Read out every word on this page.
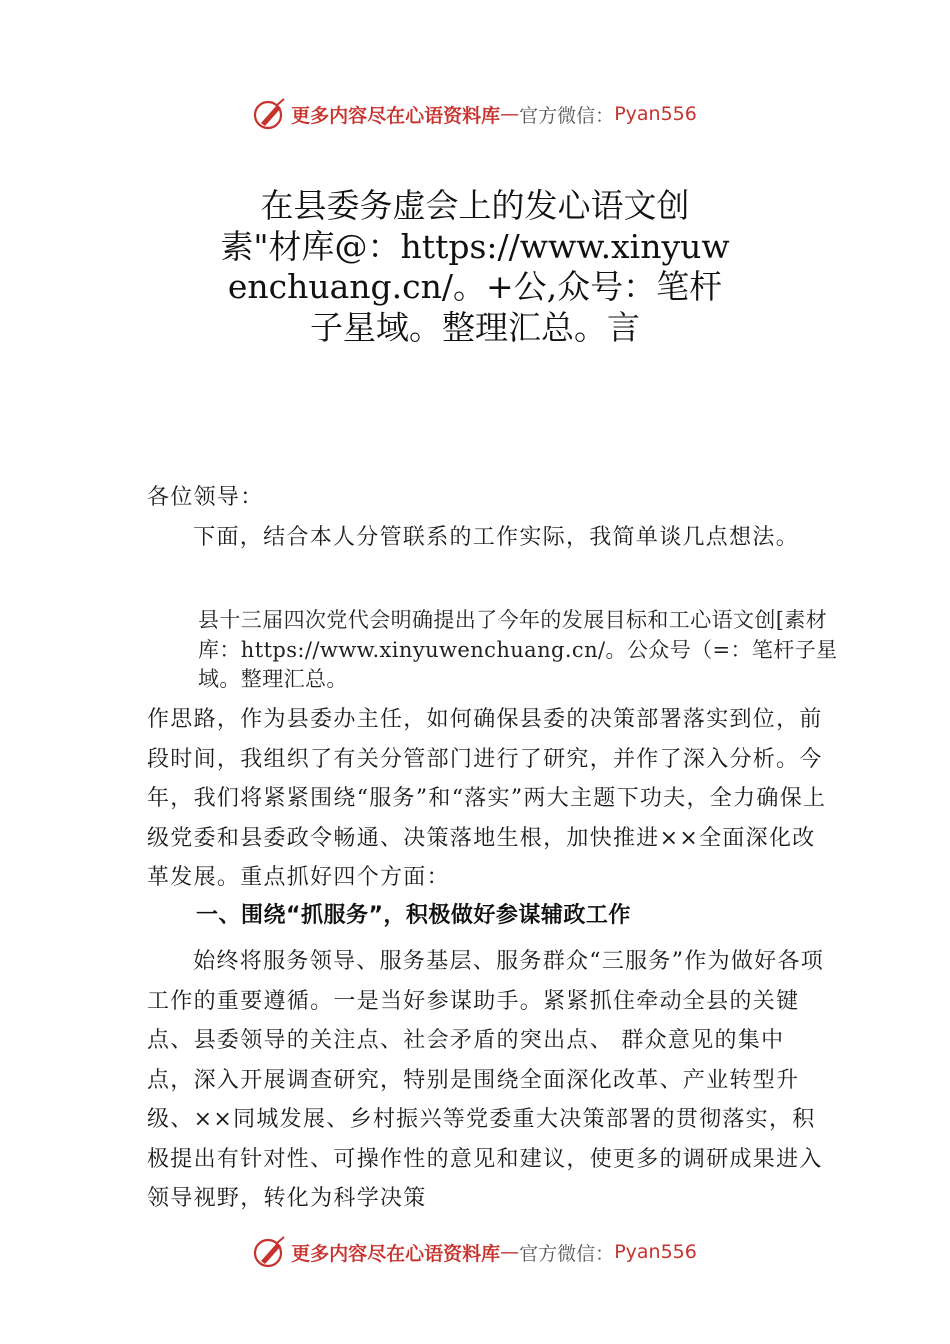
更多内容尽在心语资料库 — 官方微信： Pyan556
在县委务虚会上的发心语文创素"材库@：https://www.xinyuwenchuang.cn/。+公,众号：笔杆子星域。整理汇总。言

各位领导：

下面，结合本人分管联系的工作实际，我简单谈几点想法。

县十三届四次党代会明确提出了今年的发展目标和工心语文创[素材库：https://www.xinyuwenchuang.cn/。公众号（=：笔杆子星域。整理汇总。

作思路，作为县委办主任，如何确保县委的决策部署落实到位，前段时间，我组织了有关分管部门进行了研究，并作了深入分析。今年，我们将紧紧围绕“服务”和“落实”两大主题下功夫，全力确保上级党委和县委政令畅通、决策落地生根，加快推进××全面深化改革发展。重点抓好四个方面：

一、围绕“抓服务”，积极做好参谋辅政工作

始终将服务领导、服务基层、服务群众“三服务”作为做好各项工作的重要遵循。一是当好参谋助手。紧紧抓住牵动全县的关键点、县委领导的关注点、社会矛盾的突出点、 群众意见的集中点，深入开展调查研究，特别是围绕全面深化改革、产业转型升级、××同城发展、乡村振兴等党委重大决策部署的贯彻落实，积极提出有针对性、可操作性的意见和建议，使更多的调研成果进入领导视野，转化为科学决策

更多内容尽在心语资料库 — 官方微信： Pyan556
